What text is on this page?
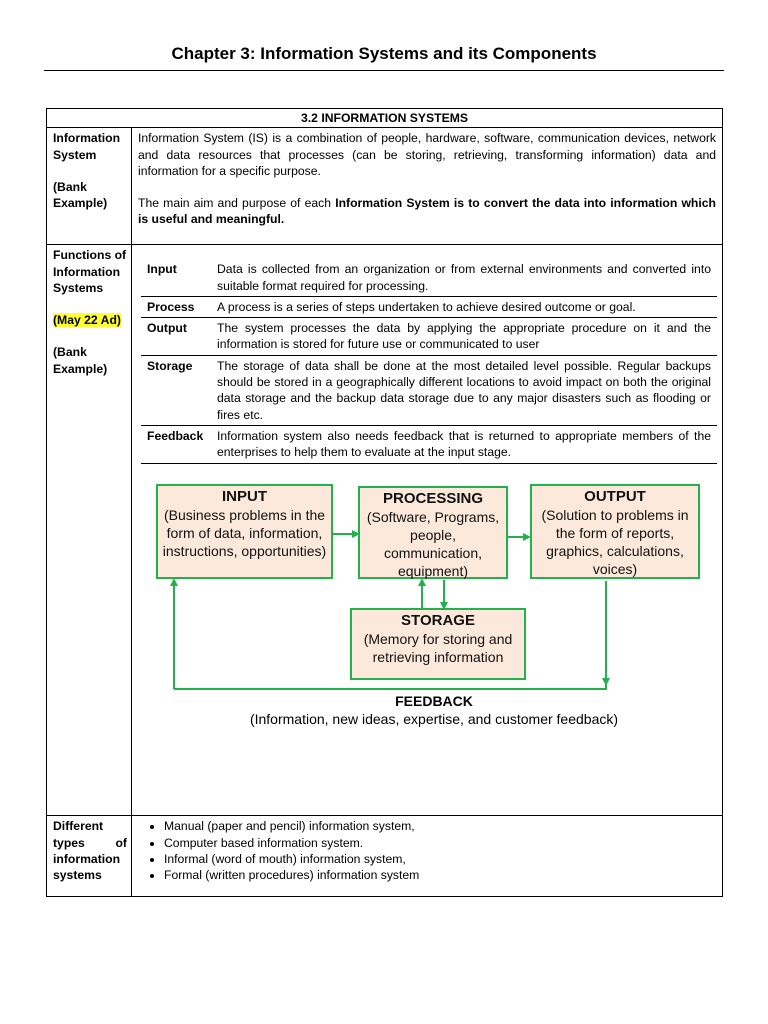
Chapter 3: Information Systems and its Components
3.2 INFORMATION SYSTEMS

Information System
(Bank Example)

Information System (IS) is a combination of people, hardware, software, communication devices, network and data resources that processes (can be storing, retrieving, transforming information) data and information for a specific purpose.

The main aim and purpose of each Information System is to convert the data into information which is useful and meaningful.

Functions of Information Systems
(May 22 Ad)
(Bank Example)

Input	Data is collected from an organization or from external environments and converted into suitable format required for processing.
Process	A process is a series of steps undertaken to achieve desired outcome or goal.
Output	The system processes the data by applying the appropriate procedure on it and the information is stored for future use or communicated to user
Storage	The storage of data shall be done at the most detailed level possible. Regular backups should be stored in a geographically different locations to avoid impact on both the original data storage and the backup data storage due to any major disasters such as flooding or fires etc.
Feedback	Information system also needs feedback that is returned to appropriate members of the enterprises to help them to evaluate at the input stage.
INPUT
(Business problems in the form of data, information, instructions, opportunities)
PROCESSING
(Software, Programs, people, communication, equipment)
OUTPUT
(Solution to problems in the form of reports, graphics, calculations, voices)
STORAGE
(Memory for storing and retrieving information
FEEDBACK
(Information, new ideas, expertise, and customer feedback)

Different types of information systems

• Manual (paper and pencil) information system,
• Computer based information system.
• Informal (word of mouth) information system,
• Formal (written procedures) information system
